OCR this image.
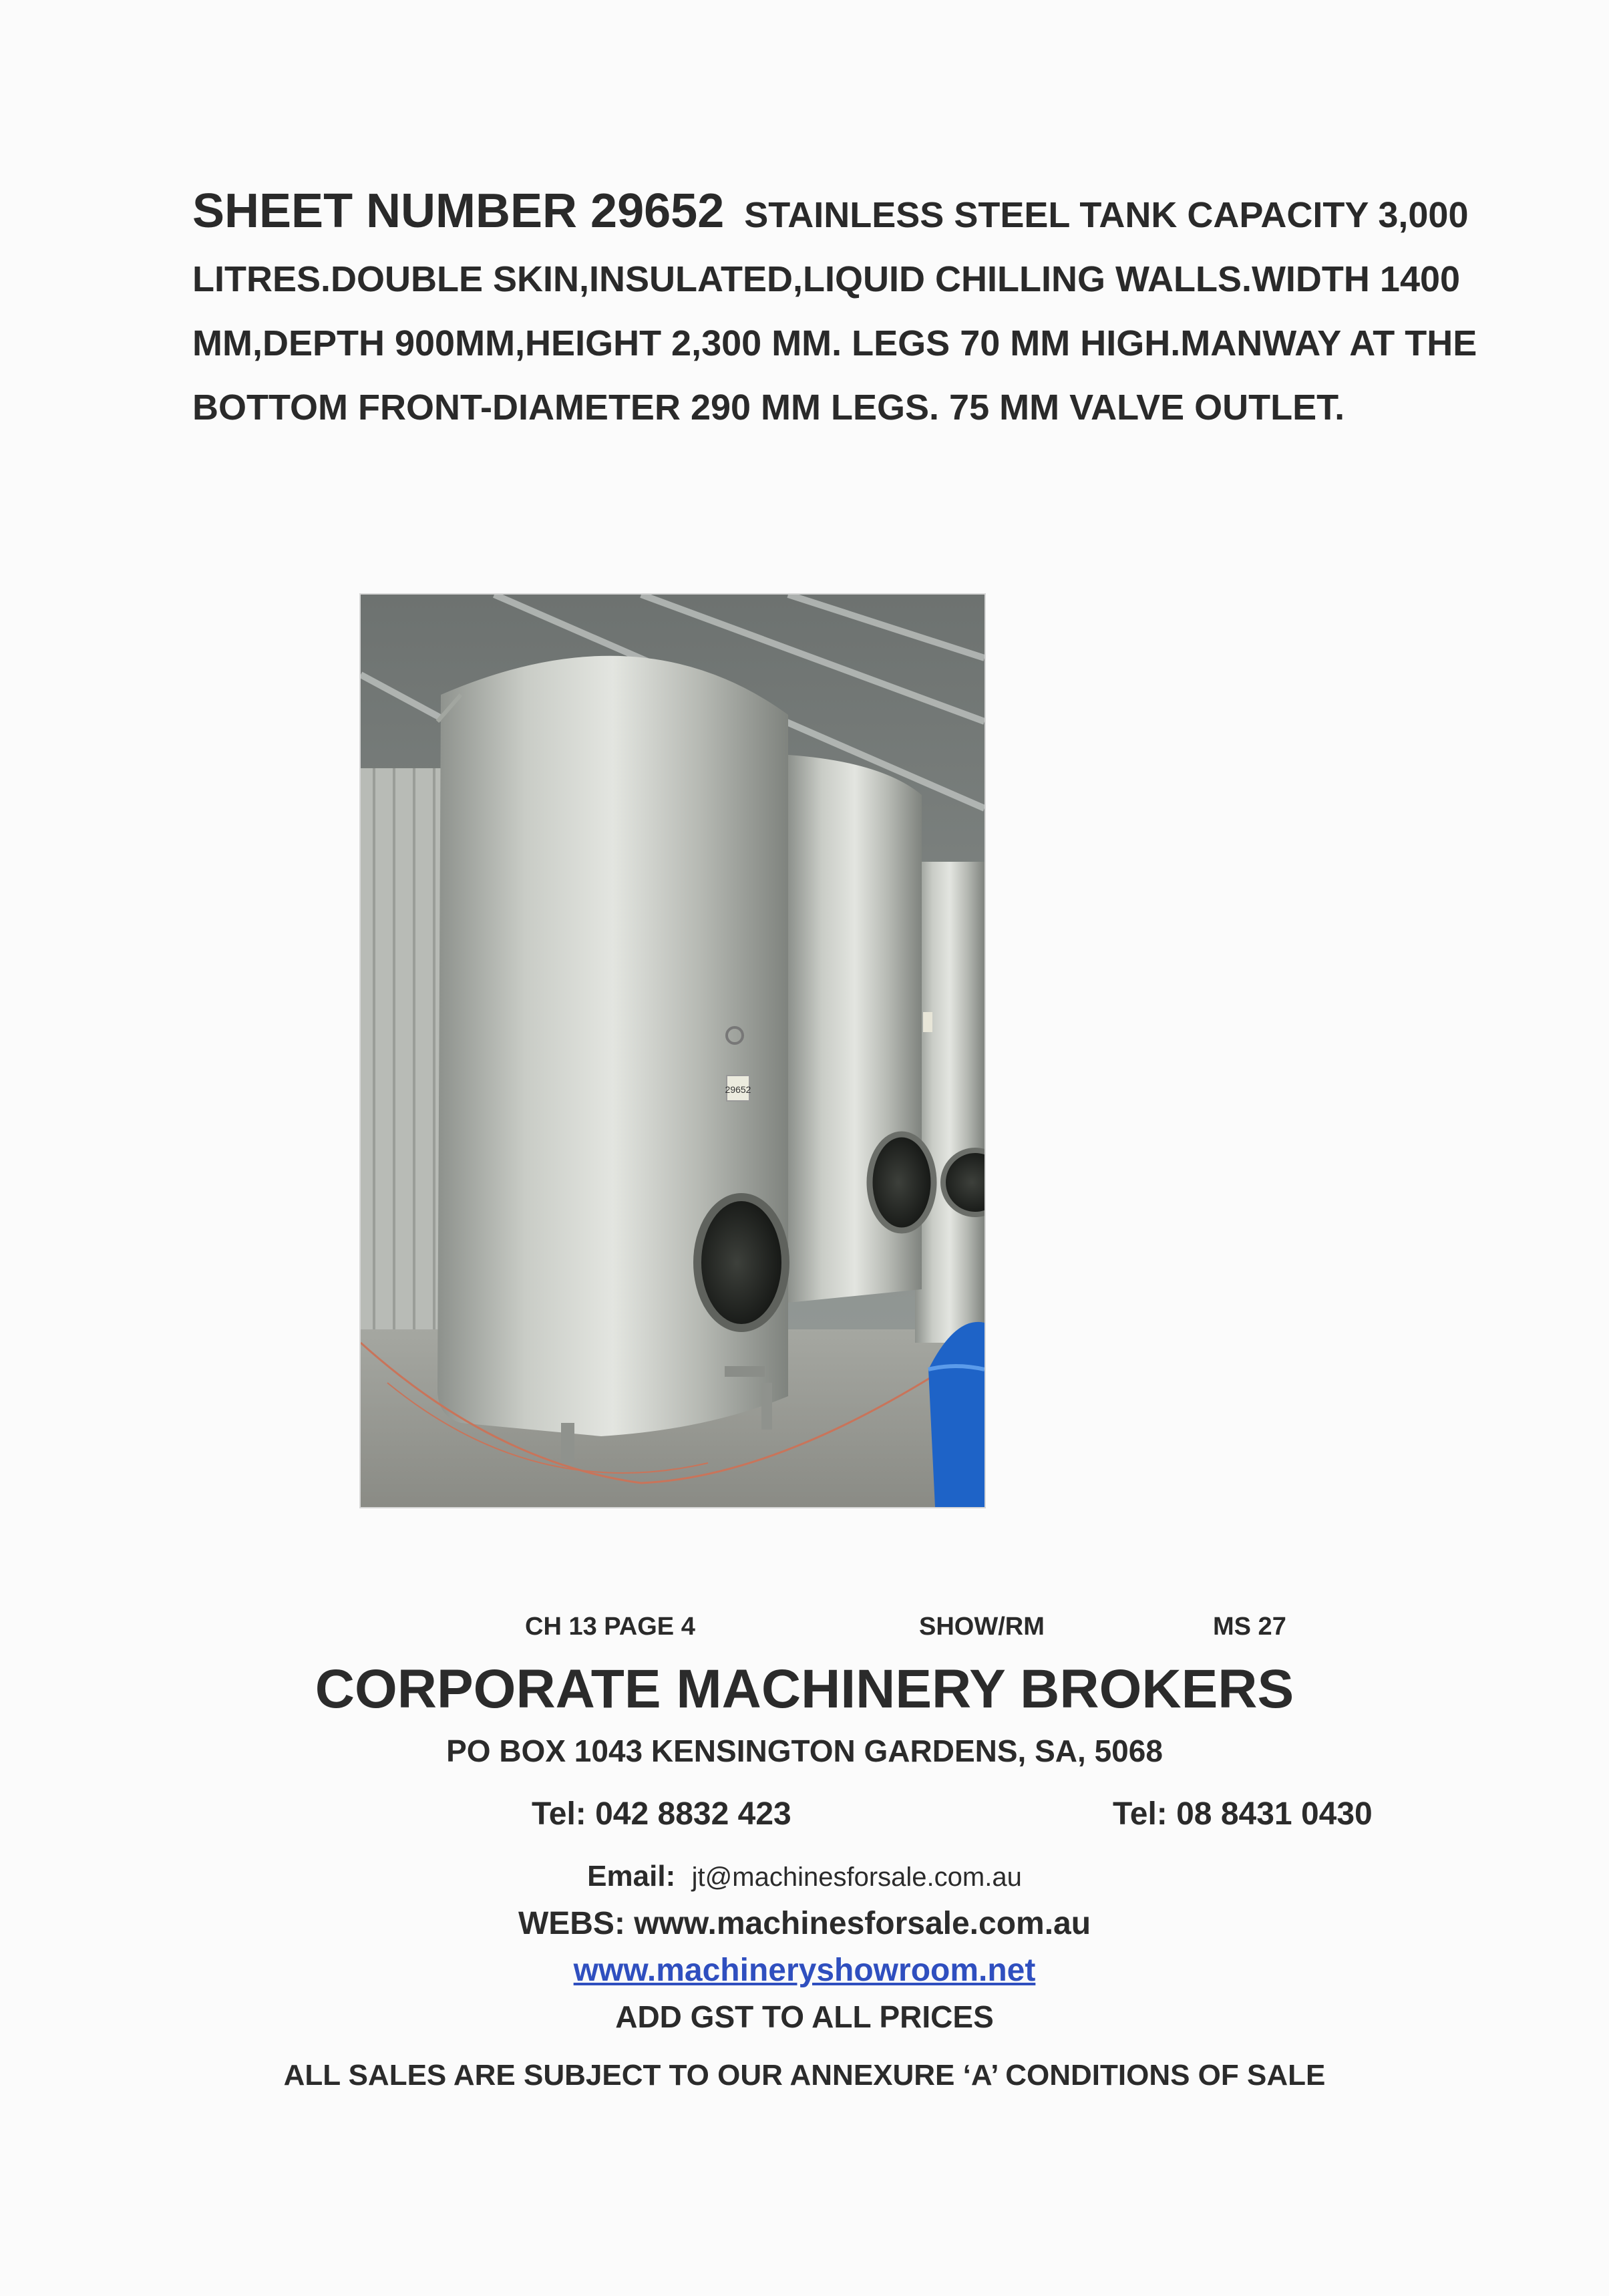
SHEET NUMBER 29652 STAINLESS STEEL TANK CAPACITY 3,000
LITRES.DOUBLE SKIN,INSULATED,LIQUID CHILLING WALLS.WIDTH 1400
MM,DEPTH 900MM,HEIGHT 2,300 MM. LEGS 70 MM HIGH.MANWAY AT THE
BOTTOM FRONT-DIAMETER 290 MM LEGS. 75 MM VALVE OUTLET.
29652
CH 13 PAGE 4	SHOW/RM	MS 27
CORPORATE MACHINERY BROKERS
PO BOX 1043 KENSINGTON GARDENS, SA, 5068
Tel: 042 8832 423	Tel: 08 8431 0430
Email: jt@machinesforsale.com.au
WEBS: www.machinesforsale.com.au
www.machineryshowroom.net
ADD GST TO ALL PRICES
ALL SALES ARE SUBJECT TO OUR ANNEXURE ‘A’ CONDITIONS OF SALE
